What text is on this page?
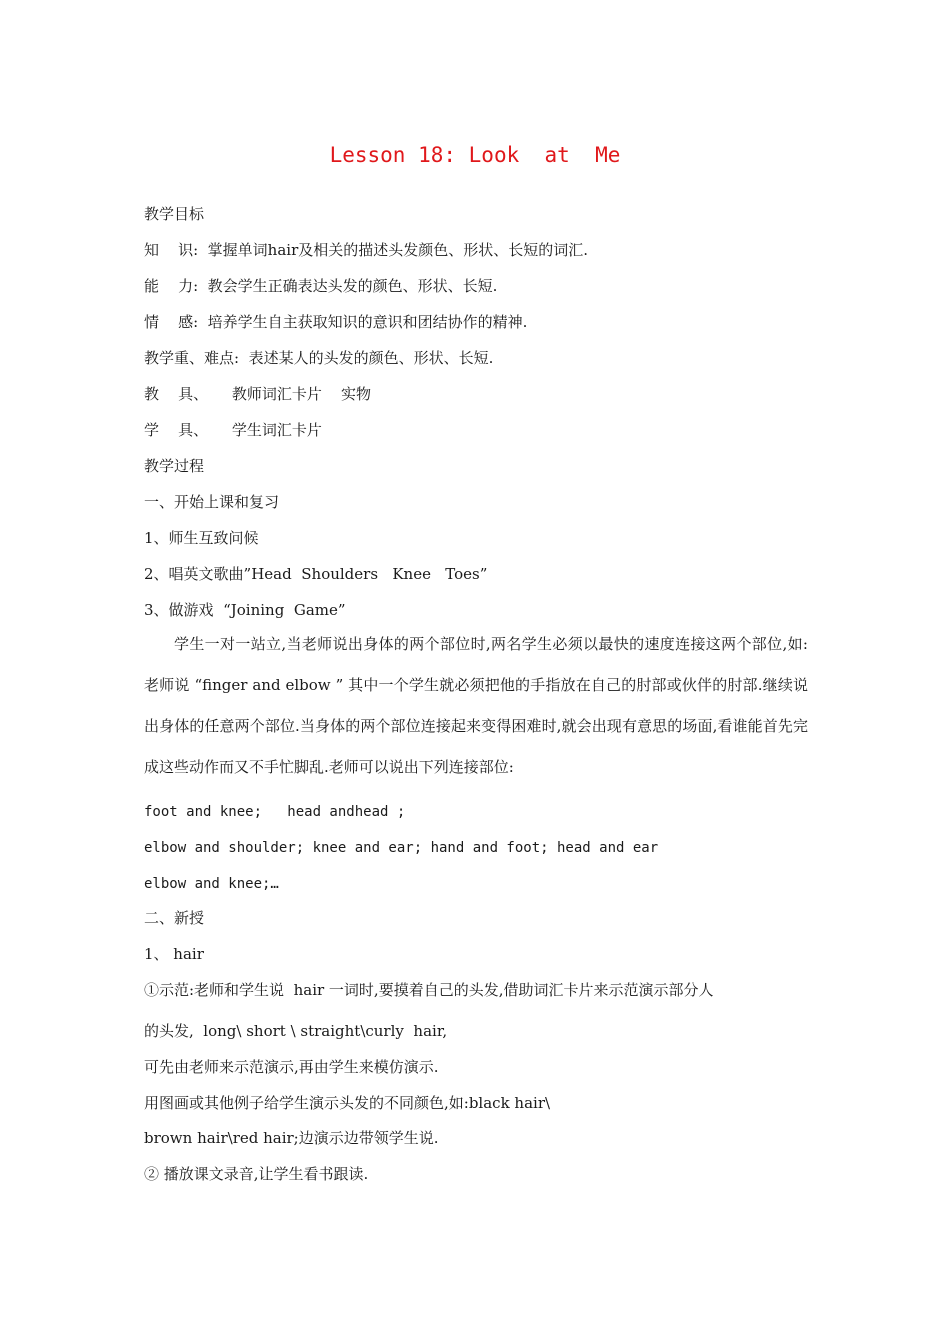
Lesson 18: Look  at  Me
教学目标
知    识:  掌握单词hair及相关的描述头发颜色、形状、长短的词汇.
能    力:  教会学生正确表达头发的颜色、形状、长短.
情    感:  培养学生自主获取知识的意识和团结协作的精神.
教学重、难点:  表述某人的头发的颜色、形状、长短.
教    具、     教师词汇卡片    实物
学    具、     学生词汇卡片
教学过程
一、开始上课和复习
1、师生互致问候
2、唱英文歌曲”Head  Shoulders   Knee   Toes”
3、做游戏  “Joining  Game”
学生一对一站立,当老师说出身体的两个部位时,两名学生必须以最快的速度连接这两个部位,如:老师说 “finger and elbow ” 其中一个学生就必须把他的手指放在自己的肘部或伙伴的肘部.继续说出身体的任意两个部位.当身体的两个部位连接起来变得困难时,就会出现有意思的场面,看谁能首先完成这些动作而又不手忙脚乱.老师可以说出下列连接部位:
foot and knee;   head andhead ;
elbow and shoulder; knee and ear; hand and foot; head and ear
elbow and knee;…
二、新授
1、 hair
①示范:老师和学生说  hair 一词时,要摸着自己的头发,借助词汇卡片来示范演示部分人
的头发,  long\ short \ straight\curly  hair,
可先由老师来示范演示,再由学生来模仿演示.
用图画或其他例子给学生演示头发的不同颜色,如:black hair\
brown hair\red hair;边演示边带领学生说.
② 播放课文录音,让学生看书跟读.
